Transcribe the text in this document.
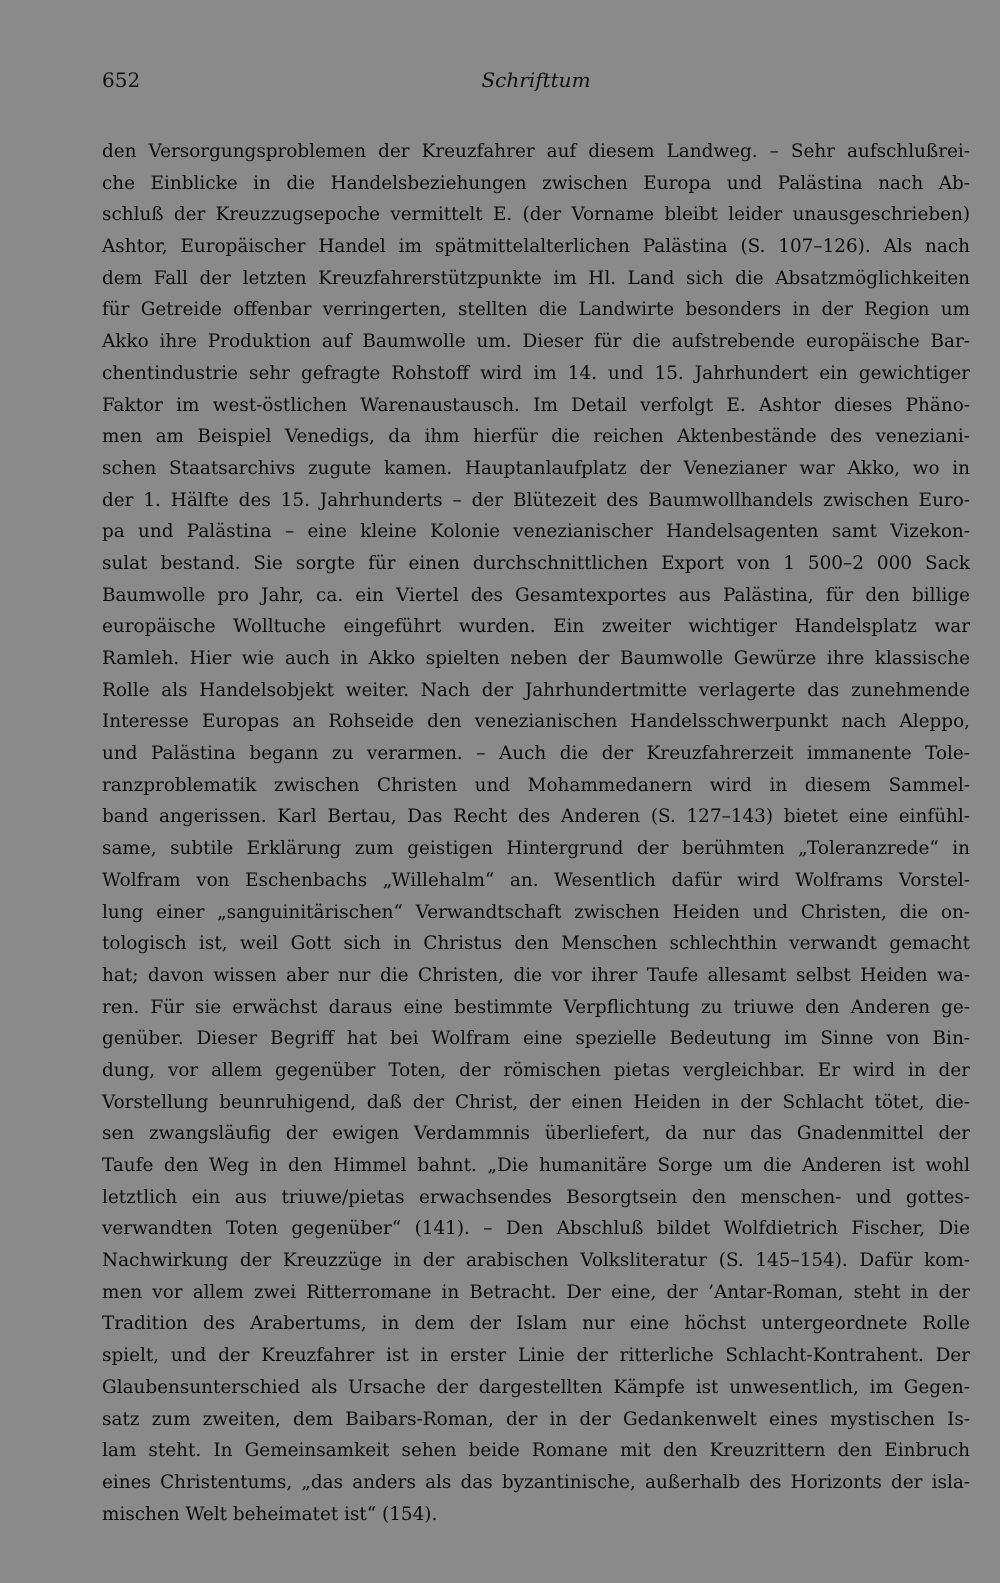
652	Schrifttum
den Versorgungsproblemen der Kreuzfahrer auf diesem Landweg. – Sehr aufschlußrei-
che Einblicke in die Handelsbeziehungen zwischen Europa und Palästina nach Ab-
schluß der Kreuzzugsepoche vermittelt E. (der Vorname bleibt leider unausgeschrieben)
Ashtor, Europäischer Handel im spätmittelalterlichen Palästina (S. 107–126). Als nach
dem Fall der letzten Kreuzfahrerstützpunkte im Hl. Land sich die Absatzmöglichkeiten
für Getreide offenbar verringerten, stellten die Landwirte besonders in der Region um
Akko ihre Produktion auf Baumwolle um. Dieser für die aufstrebende europäische Bar-
chentindustrie sehr gefragte Rohstoff wird im 14. und 15. Jahrhundert ein gewichtiger
Faktor im west-östlichen Warenaustausch. Im Detail verfolgt E. Ashtor dieses Phäno-
men am Beispiel Venedigs, da ihm hierfür die reichen Aktenbestände des veneziani-
schen Staatsarchivs zugute kamen. Hauptanlaufplatz der Venezianer war Akko, wo in
der 1. Hälfte des 15. Jahrhunderts – der Blütezeit des Baumwollhandels zwischen Euro-
pa und Palästina – eine kleine Kolonie venezianischer Handelsagenten samt Vizekon-
sulat bestand. Sie sorgte für einen durchschnittlichen Export von 1 500–2 000 Sack
Baumwolle pro Jahr, ca. ein Viertel des Gesamtexportes aus Palästina, für den billige
europäische Wolltuche eingeführt wurden. Ein zweiter wichtiger Handelsplatz war
Ramleh. Hier wie auch in Akko spielten neben der Baumwolle Gewürze ihre klassische
Rolle als Handelsobjekt weiter. Nach der Jahrhundertmitte verlagerte das zunehmende
Interesse Europas an Rohseide den venezianischen Handelsschwerpunkt nach Aleppo,
und Palästina begann zu verarmen. – Auch die der Kreuzfahrerzeit immanente Tole-
ranzproblematik zwischen Christen und Mohammedanern wird in diesem Sammel-
band angerissen. Karl Bertau, Das Recht des Anderen (S. 127–143) bietet eine einfühl-
same, subtile Erklärung zum geistigen Hintergrund der berühmten „Toleranzrede“ in
Wolfram von Eschenbachs „Willehalm“ an. Wesentlich dafür wird Wolframs Vorstel-
lung einer „sanguinitärischen“ Verwandtschaft zwischen Heiden und Christen, die on-
tologisch ist, weil Gott sich in Christus den Menschen schlechthin verwandt gemacht
hat; davon wissen aber nur die Christen, die vor ihrer Taufe allesamt selbst Heiden wa-
ren. Für sie erwächst daraus eine bestimmte Verpflichtung zu triuwe den Anderen ge-
genüber. Dieser Begriff hat bei Wolfram eine spezielle Bedeutung im Sinne von Bin-
dung, vor allem gegenüber Toten, der römischen pietas vergleichbar. Er wird in der
Vorstellung beunruhigend, daß der Christ, der einen Heiden in der Schlacht tötet, die-
sen zwangsläufig der ewigen Verdammnis überliefert, da nur das Gnadenmittel der
Taufe den Weg in den Himmel bahnt. „Die humanitäre Sorge um die Anderen ist wohl
letztlich ein aus triuwe/pietas erwachsendes Besorgtsein den menschen- und gottes-
verwandten Toten gegenüber“ (141). – Den Abschluß bildet Wolfdietrich Fischer, Die
Nachwirkung der Kreuzzüge in der arabischen Volksliteratur (S. 145–154). Dafür kom-
men vor allem zwei Ritterromane in Betracht. Der eine, der ’Antar-Roman, steht in der
Tradition des Arabertums, in dem der Islam nur eine höchst untergeordnete Rolle
spielt, und der Kreuzfahrer ist in erster Linie der ritterliche Schlacht-Kontrahent. Der
Glaubensunterschied als Ursache der dargestellten Kämpfe ist unwesentlich, im Gegen-
satz zum zweiten, dem Baibars-Roman, der in der Gedankenwelt eines mystischen Is-
lam steht. In Gemeinsamkeit sehen beide Romane mit den Kreuzrittern den Einbruch
eines Christentums, „das anders als das byzantinische, außerhalb des Horizonts der isla-
mischen Welt beheimatet ist“ (154).
